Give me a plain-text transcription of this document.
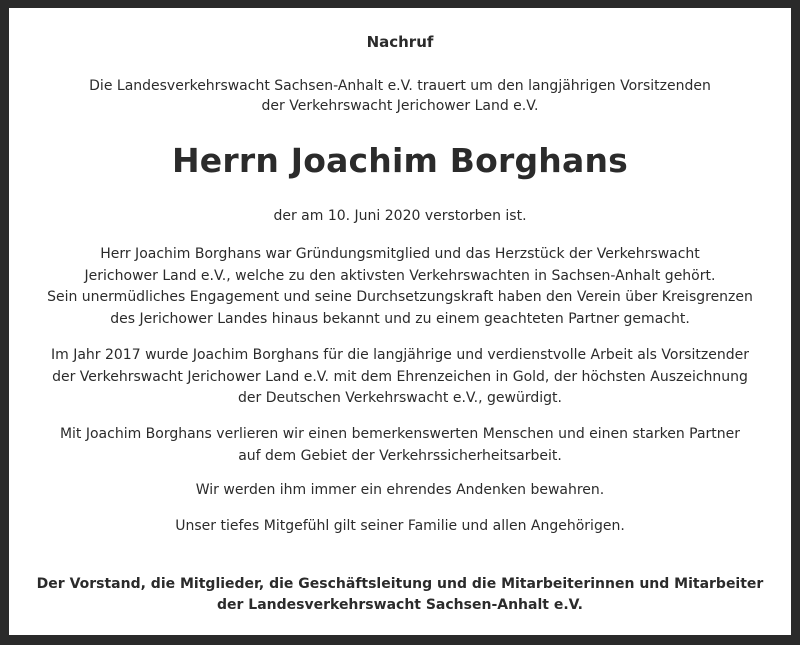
Nachruf

Die Landesverkehrswacht Sachsen-Anhalt e.V. trauert um den langjährigen Vorsitzenden
der Verkehrswacht Jerichower Land e.V.

Herrn Joachim Borghans

der am 10. Juni 2020 verstorben ist.

Herr Joachim Borghans war Gründungsmitglied und das Herzstück der Verkehrswacht
Jerichower Land e.V., welche zu den aktivsten Verkehrswachten in Sachsen-Anhalt gehört.
Sein unermüdliches Engagement und seine Durchsetzungskraft haben den Verein über Kreisgrenzen
des Jerichower Landes hinaus bekannt und zu einem geachteten Partner gemacht.

Im Jahr 2017 wurde Joachim Borghans für die langjährige und verdienstvolle Arbeit als Vorsitzender
der Verkehrswacht Jerichower Land e.V. mit dem Ehrenzeichen in Gold, der höchsten Auszeichnung
der Deutschen Verkehrswacht e.V., gewürdigt.

Mit Joachim Borghans verlieren wir einen bemerkenswerten Menschen und einen starken Partner
auf dem Gebiet der Verkehrssicherheitsarbeit.

Wir werden ihm immer ein ehrendes Andenken bewahren.

Unser tiefes Mitgefühl gilt seiner Familie und allen Angehörigen.

Der Vorstand, die Mitglieder, die Geschäftsleitung und die Mitarbeiterinnen und Mitarbeiter
der Landesverkehrswacht Sachsen-Anhalt e.V.
